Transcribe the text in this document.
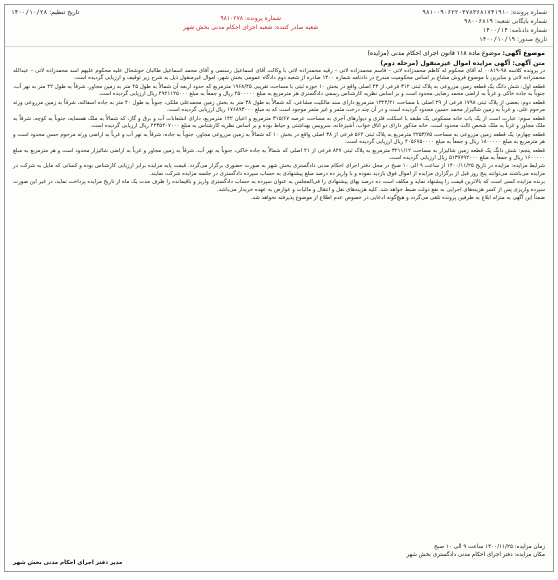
شماره پرونده: ۹۸۱۰۰۹۰۶۲۲۰۳۷۸۳۶۸۱۷۴۱۹۱۰
شماره بایگانی شعبه: ۹۸۰۰۶۸۱۹
شماره دادنامه: ۱۴۰۰/۱۴
تاریخ صدور: ۱۴۰۰/۱۰/۱۹
شماره پرونده: ۹۸۱۰۲۷۸
شعبه صادر کننده: شعبه اجرای احکام مدنی بخش شهر
تاریخ تنظیم: ۱۴۰۰/۱۰/۲۸
موضوع آگهی: موضوع ماده ۱۱۸ قانون اجرای احکام مدنی (مزایده)
متن آگهی: آگهی مزایده اموال غیرمنقول (مرحله دوم)

در پرونده کلاسه ۹۸-۰۰۸۱۹ له آقای محکوم له کاظم محمدزاده لاتی – قاسم محمدزاده لاتی – رقیه محمدزاده لاتی با وکالت آقای اسماعیل رستمی و آقای محمد اسماعیل طالبان خوشحال علیه محکوم علیهم اسد محمدزاده لاتی – عبدالله محمدزاده لاتی و سایرین با موضوع فروش مشاع بر اساس محکومیت مندرج در دادنامه شماره ۱۴۰۰ صادره از شعبه دوم دادگاه عمومی بخش شهر، اموال غیرمنقول ذیل به شرح زیر توقیف و ارزیابی گردیده است.

قطعه اول: شش دانگ یک قطعه زمین مزروعی به پلاک ثبتی ۳۱۲ فرعی از ۴۳ اصلی واقع در بخش ۱۰ حوزه ثبتی با مساحت تقریبی ۱۹۶۸/۴۵ مترمربع که حدود اربعه آن شمالاً به طول ۴۵ متر به زمین مجاور، شرقاً به طول ۴۲ متر به نهر آب، جنوباً به جاده خاکی و غرباً به اراضی محمد رضایی محدود است و بر اساس نظریه کارشناس رسمی دادگستری هر مترمربع به مبلغ ۲۵۰۰۰۰۰ ریال و جمعاً به مبلغ ۴۹۲۱۱۲۵۰۰۰ ریال ارزیابی گردیده است.

قطعه دوم: بعضی از پلاک ثبتی ۱۷۹۸ فرعی از ۲۹ اصلی با مساحت ۱۳۲۴/۲۱ مترمربع دارای سند مالکیت مشاعی، که شمالاً به طول ۳۸ متر به بخش زمین محمدعلی ملکی، جنوباً به طول ۴۰ متر به جاده اسفالته، شرقاً به زمین مزروعی ورثه مرحوم علی، و غرباً به زمین شالیزار محمد حسین محدود گردیده است و در آن چند درخت مثمر و غیر مثمر موجود است که به مبلغ ۱۷۶۸۹۳۰۰۰ ریال ارزیابی گردیده است.

قطعه سوم: عبارت است از یک باب خانه مسکونی یک طبقه با اسکلت فلزی و دیوارهای آجری به مساحت عرصه ۳۱۵/۶۷ مترمربع و اعیان ۱۴۲ مترمربع، دارای انشعابات آب و برق و گاز، که شمالاً به ملک همسایه، جنوباً به کوچه، شرقاً به ملک مجاور و غرباً به ملک شخص ثالث محدود است. خانه مذکور دارای دو اتاق خواب، آشپزخانه، سرویس بهداشتی و حیاط بوده و بر اساس نظریه کارشناس به مبلغ ۴۴۳۵۴۰۷۰۰۰ ریال ارزیابی گردیده است.

قطعه چهارم: یک قطعه زمین مزروعی به مساحت ۲۲۵۳/۷۵ مترمربع به پلاک ثبتی ۵۶۴ فرعی از ۳۸ اصلی واقع در بخش ۱۰ که شمالاً به زمین مزروعی مجاور، جنوباً به جاده، شرقاً به نهر آب و غرباً به اراضی ورثه مرحوم حسن محدود است و هر مترمربع به مبلغ ۱۸۰۰۰۰۰ ریال و جمعاً به مبلغ ۴۰۵۶۷۵۰۰۰۰ ریال ارزیابی گردیده است.

قطعه پنجم: شش دانگ یک قطعه زمین شالیزار به مساحت ۳۲۱۱/۱۲ مترمربع به پلاک ثبتی ۸۴۷ فرعی از ۴۱ اصلی که شمالاً به جاده خاکی، جنوباً به نهر آب، شرقاً به زمین مجاور و غرباً به اراضی شالیزار محدود است و هر مترمربع به مبلغ ۱۶۰۰۰۰۰ ریال و جمعاً به مبلغ ۵۱۳۷۷۹۲۰۰۰ ریال ارزیابی گردیده است.

شرایط مزایده: مزایده در تاریخ ۱۴۰۰/۱۱/۲۵ از ساعت ۹ الی ۱۰ صبح در محل دفتر اجرای احکام مدنی دادگستری بخش شهر به صورت حضوری برگزار می‌گردد. قیمت پایه مزایده برابر ارزیابی کارشناس بوده و کسانی که مایل به شرکت در مزایده می‌باشند می‌توانند پنج روز قبل از برگزاری مزایده از اموال فوق بازدید نموده و با واریز ده درصد مبلغ پیشنهادی به حساب سپرده دادگستری در جلسه مزایده شرکت نمایند.

برنده مزایده کسی است که بالاترین قیمت را پیشنهاد نماید و مکلف است ده درصد بهای پیشنهادی را فی‌المجلس به عنوان سپرده به حساب دادگستری واریز و باقیمانده را ظرف مدت یک ماه از تاریخ مزایده پرداخت نماید، در غیر این صورت سپرده واریزی پس از کسر هزینه‌های اجرایی به نفع دولت ضبط خواهد شد. کلیه هزینه‌های نقل و انتقال و مالیات و عوارض به عهده خریدار می‌باشد.

ضمناً این آگهی به منزله ابلاغ به طرفین پرونده تلقی می‌گردد و هیچ‌گونه ادعایی در خصوص عدم اطلاع از موضوع پذیرفته نخواهد شد.

زمان مزایده: ۱۴۰۰/۱۱/۲۵ ساعت ۹ الی ۱۰ صبح
مکان مزایده: دفتر اجرای احکام مدنی دادگستری بخش شهر
مدیر دفتر اجرای احکام مدنی بخش شهر
